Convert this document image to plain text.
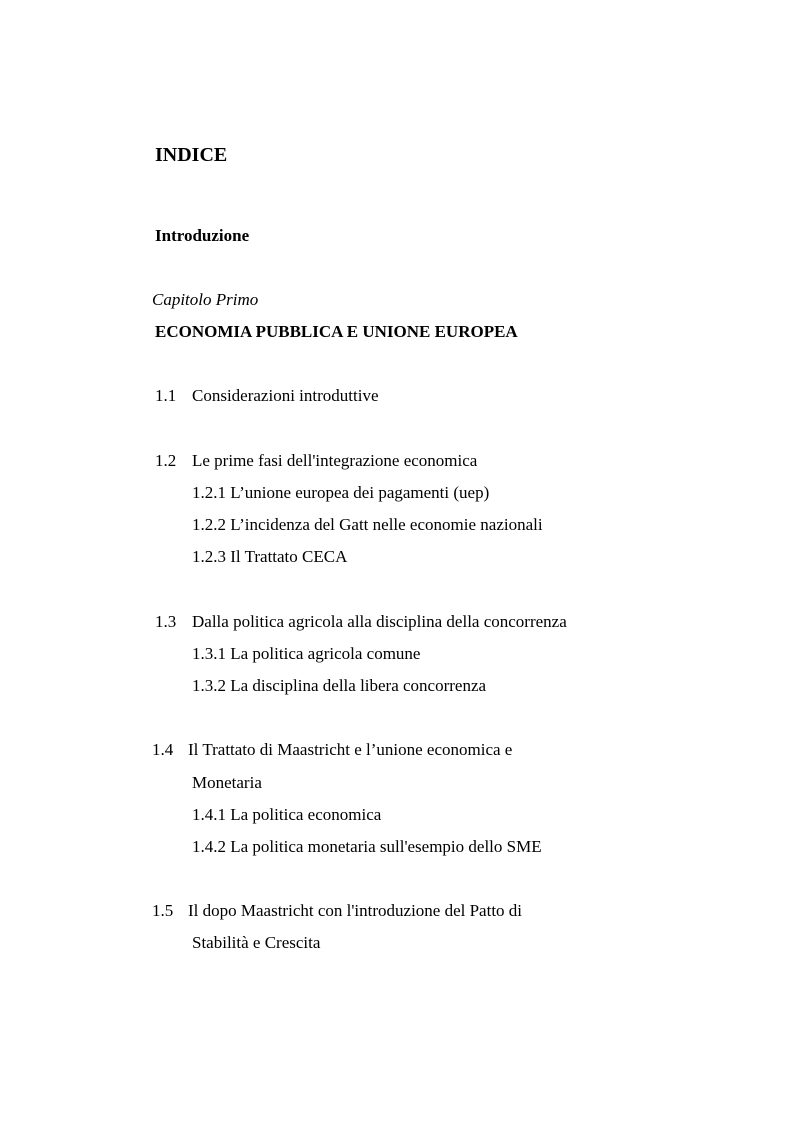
INDICE
Introduzione
Capitolo Primo
ECONOMIA PUBBLICA E UNIONE EUROPEA
1.1 Considerazioni introduttive
1.2 Le prime fasi dell'integrazione economica
1.2.1 L’unione europea dei pagamenti (uep)
1.2.2 L’incidenza del Gatt nelle economie nazionali
1.2.3 Il Trattato CECA
1.3 Dalla politica agricola alla disciplina della concorrenza
1.3.1 La politica agricola comune
1.3.2 La disciplina della libera concorrenza
1.4 Il Trattato di Maastricht e l’unione economica e
Monetaria
1.4.1 La politica economica
1.4.2 La politica monetaria sull'esempio dello SME
1.5 Il dopo Maastricht con l'introduzione del Patto di
Stabilità e Crescita
